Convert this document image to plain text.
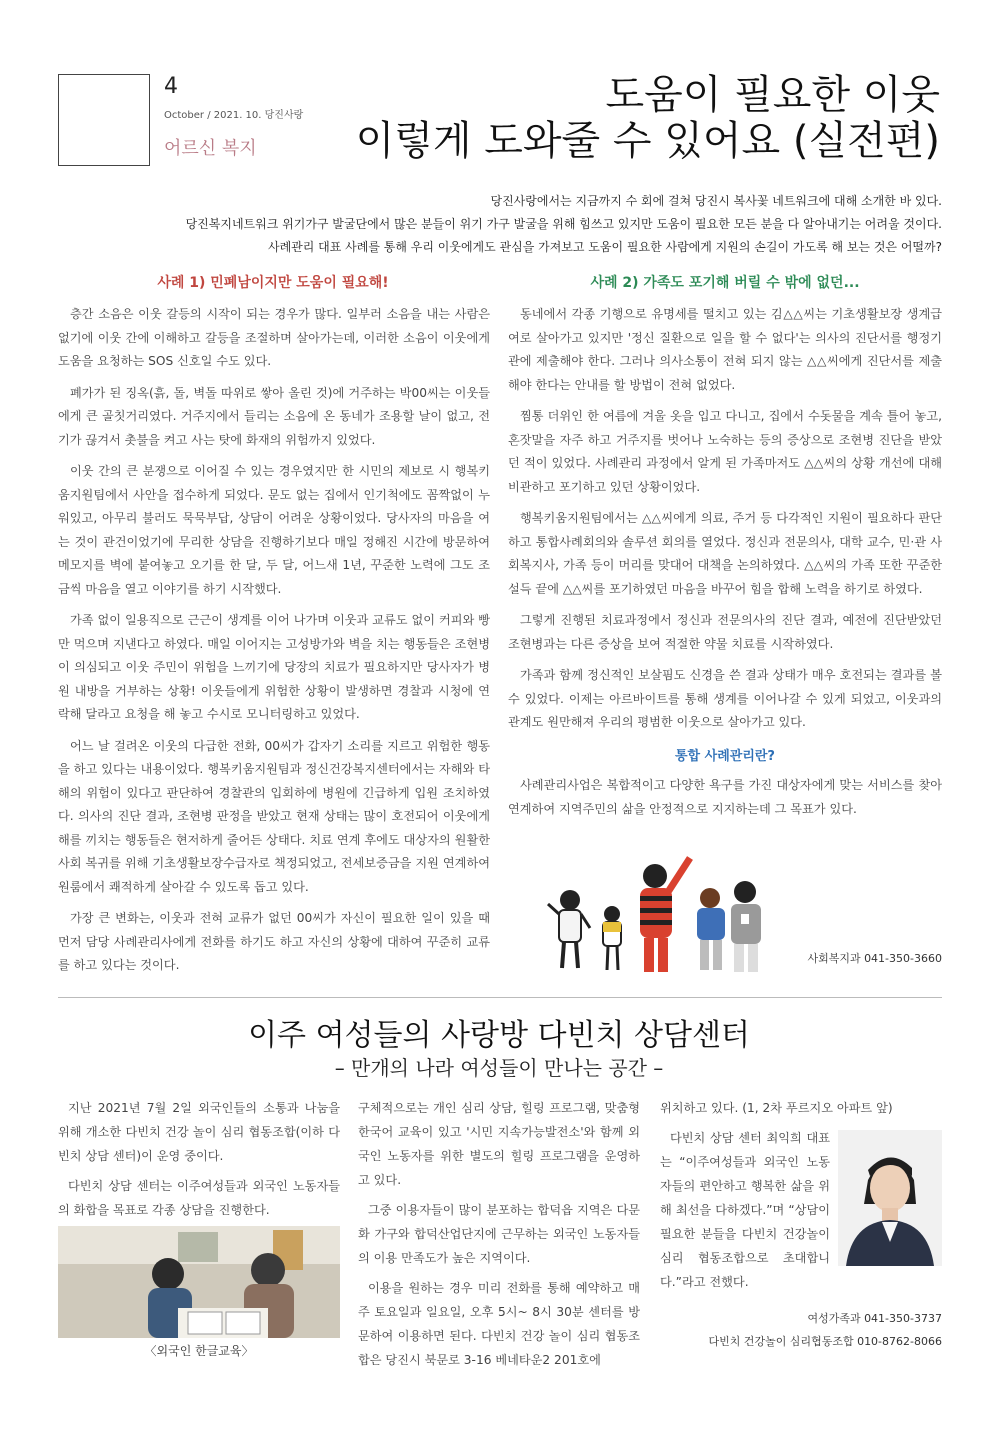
4
October / 2021. 10. 당진사랑
어르신 복지
도움이 필요한 이웃
이렇게 도와줄 수 있어요 (실전편)
당진사랑에서는 지금까지 수 회에 걸쳐 당진시 복사꽃 네트워크에 대해 소개한 바 있다.
당진복지네트워크 위기가구 발굴단에서 많은 분들이 위기 가구 발굴을 위해 힘쓰고 있지만 도움이 필요한 모든 분을 다 알아내기는 어려울 것이다.
사례관리 대표 사례를 통해 우리 이웃에게도 관심을 가져보고 도움이 필요한 사람에게 지원의 손길이 가도록 해 보는 것은 어떨까?
사례 1) 민폐남이지만 도움이 필요해!

층간 소음은 이웃 갈등의 시작이 되는 경우가 많다. 일부러 소음을 내는 사람은 없기에 이웃 간에 이해하고 갈등을 조절하며 살아가는데, 이러한 소음이 이웃에게 도움을 요청하는 SOS 신호일 수도 있다.

폐가가 된 징옥(흙, 돌, 벽돌 따위로 쌓아 올린 것)에 거주하는 박00씨는 이웃들에게 큰 골칫거리였다. 거주지에서 들리는 소음에 온 동네가 조용할 날이 없고, 전기가 끊겨서 촛불을 켜고 사는 탓에 화재의 위험까지 있었다.

이웃 간의 큰 분쟁으로 이어질 수 있는 경우였지만 한 시민의 제보로 시 행복키움지원팀에서 사안을 접수하게 되었다. 문도 없는 집에서 인기척에도 꼼짝없이 누워있고, 아무리 불러도 묵묵부답, 상담이 어려운 상황이었다. 당사자의 마음을 여는 것이 관건이었기에 무리한 상담을 진행하기보다 매일 정해진 시간에 방문하여 메모지를 벽에 붙여놓고 오기를 한 달, 두 달, 어느새 1년, 꾸준한 노력에 그도 조금씩 마음을 열고 이야기를 하기 시작했다.

가족 없이 일용직으로 근근이 생계를 이어 나가며 이웃과 교류도 없이 커피와 빵만 먹으며 지낸다고 하였다. 매일 이어지는 고성방가와 벽을 치는 행동들은 조현병이 의심되고 이웃 주민이 위험을 느끼기에 당장의 치료가 필요하지만 당사자가 병원 내방을 거부하는 상황! 이웃들에게 위험한 상황이 발생하면 경찰과 시청에 연락해 달라고 요청을 해 놓고 수시로 모니터링하고 있었다.

어느 날 걸려온 이웃의 다급한 전화, 00씨가 갑자기 소리를 지르고 위험한 행동을 하고 있다는 내용이었다. 행복키움지원팀과 정신건강복지센터에서는 자해와 타해의 위험이 있다고 판단하여 경찰관의 입회하에 병원에 긴급하게 입원 조치하였다. 의사의 진단 결과, 조현병 판정을 받았고 현재 상태는 많이 호전되어 이웃에게 해를 끼치는 행동들은 현저하게 줄어든 상태다. 치료 연계 후에도 대상자의 원활한 사회 복귀를 위해 기초생활보장수급자로 책정되었고, 전세보증금을 지원 연계하여 원룸에서 쾌적하게 살아갈 수 있도록 돕고 있다.

가장 큰 변화는, 이웃과 전혀 교류가 없던 00씨가 자신이 필요한 일이 있을 때 먼저 담당 사례관리사에게 전화를 하기도 하고 자신의 상황에 대하여 꾸준히 교류를 하고 있다는 것이다.

사례 2) 가족도 포기해 버릴 수 밖에 없던...

동네에서 각종 기행으로 유명세를 떨치고 있는 김△△씨는 기초생활보장 생계급여로 살아가고 있지만 '정신 질환으로 일을 할 수 없다'는 의사의 진단서를 행정기관에 제출해야 한다. 그러나 의사소통이 전혀 되지 않는 △△씨에게 진단서를 제출해야 한다는 안내를 할 방법이 전혀 없었다.

찜통 더위인 한 여름에 겨울 옷을 입고 다니고, 집에서 수돗물을 계속 틀어 놓고, 혼잣말을 자주 하고 거주지를 벗어나 노숙하는 등의 증상으로 조현병 진단을 받았던 적이 있었다. 사례관리 과정에서 알게 된 가족마저도 △△씨의 상황 개선에 대해 비관하고 포기하고 있던 상황이었다.

행복키움지원팀에서는 △△씨에게 의료, 주거 등 다각적인 지원이 필요하다 판단하고 통합사례회의와 솔루션 회의를 열었다. 정신과 전문의사, 대학 교수, 민·관 사회복지사, 가족 등이 머리를 맞대어 대책을 논의하였다. △△씨의 가족 또한 꾸준한 설득 끝에 △△씨를 포기하였던 마음을 바꾸어 힘을 합해 노력을 하기로 하였다.

그렇게 진행된 치료과정에서 정신과 전문의사의 진단 결과, 예전에 진단받았던 조현병과는 다른 증상을 보여 적절한 약물 치료를 시작하였다.

가족과 함께 정신적인 보살핌도 신경을 쓴 결과 상태가 매우 호전되는 결과를 볼 수 있었다. 이제는 아르바이트를 통해 생계를 이어나갈 수 있게 되었고, 이웃과의 관계도 원만해져 우리의 평범한 이웃으로 살아가고 있다.

통합 사례관리란?

사례관리사업은 복합적이고 다양한 욕구를 가진 대상자에게 맞는 서비스를 찾아 연계하여 지역주민의 삶을 안정적으로 지지하는데 그 목표가 있다.

사회복지과 041-350-3660
이주 여성들의 사랑방 다빈치 상담센터
– 만개의 나라 여성들이 만나는 공간 –

지난 2021년 7월 2일 외국인들의 소통과 나눔을 위해 개소한 다빈치 건강 놀이 심리 협동조합(이하 다빈치 상담 센터)이 운영 중이다.

다빈치 상담 센터는 이주여성들과 외국인 노동자들의 화합을 목표로 각종 상담을 진행한다.

〈외국인 한글교육〉

구체적으로는 개인 심리 상담, 힐링 프로그램, 맞춤형 한국어 교육이 있고 '시민 지속가능발전소'와 함께 외국인 노동자를 위한 별도의 힐링 프로그램을 운영하고 있다.

그중 이용자들이 많이 분포하는 합덕읍 지역은 다문화 가구와 합덕산업단지에 근무하는 외국인 노동자들의 이용 만족도가 높은 지역이다.

이용을 원하는 경우 미리 전화를 통해 예약하고 매주 토요일과 일요일, 오후 5시~ 8시 30분 센터를 방문하여 이용하면 된다. 다빈치 건강 놀이 심리 협동조합은 당진시 북문로 3-16 베네타운2 201호에

위치하고 있다. (1, 2차 푸르지오 아파트 앞)

다빈치 상담 센터 최익희 대표는 “이주여성들과 외국인 노동자들의 편안하고 행복한 삶을 위해 최선을 다하겠다.”며 “상담이 필요한 분들을 다빈치 건강놀이 심리 협동조합으로 초대합니다.”라고 전했다.

여성가족과 041-350-3737
다빈치 건강놀이 심리협동조합 010-8762-8066
